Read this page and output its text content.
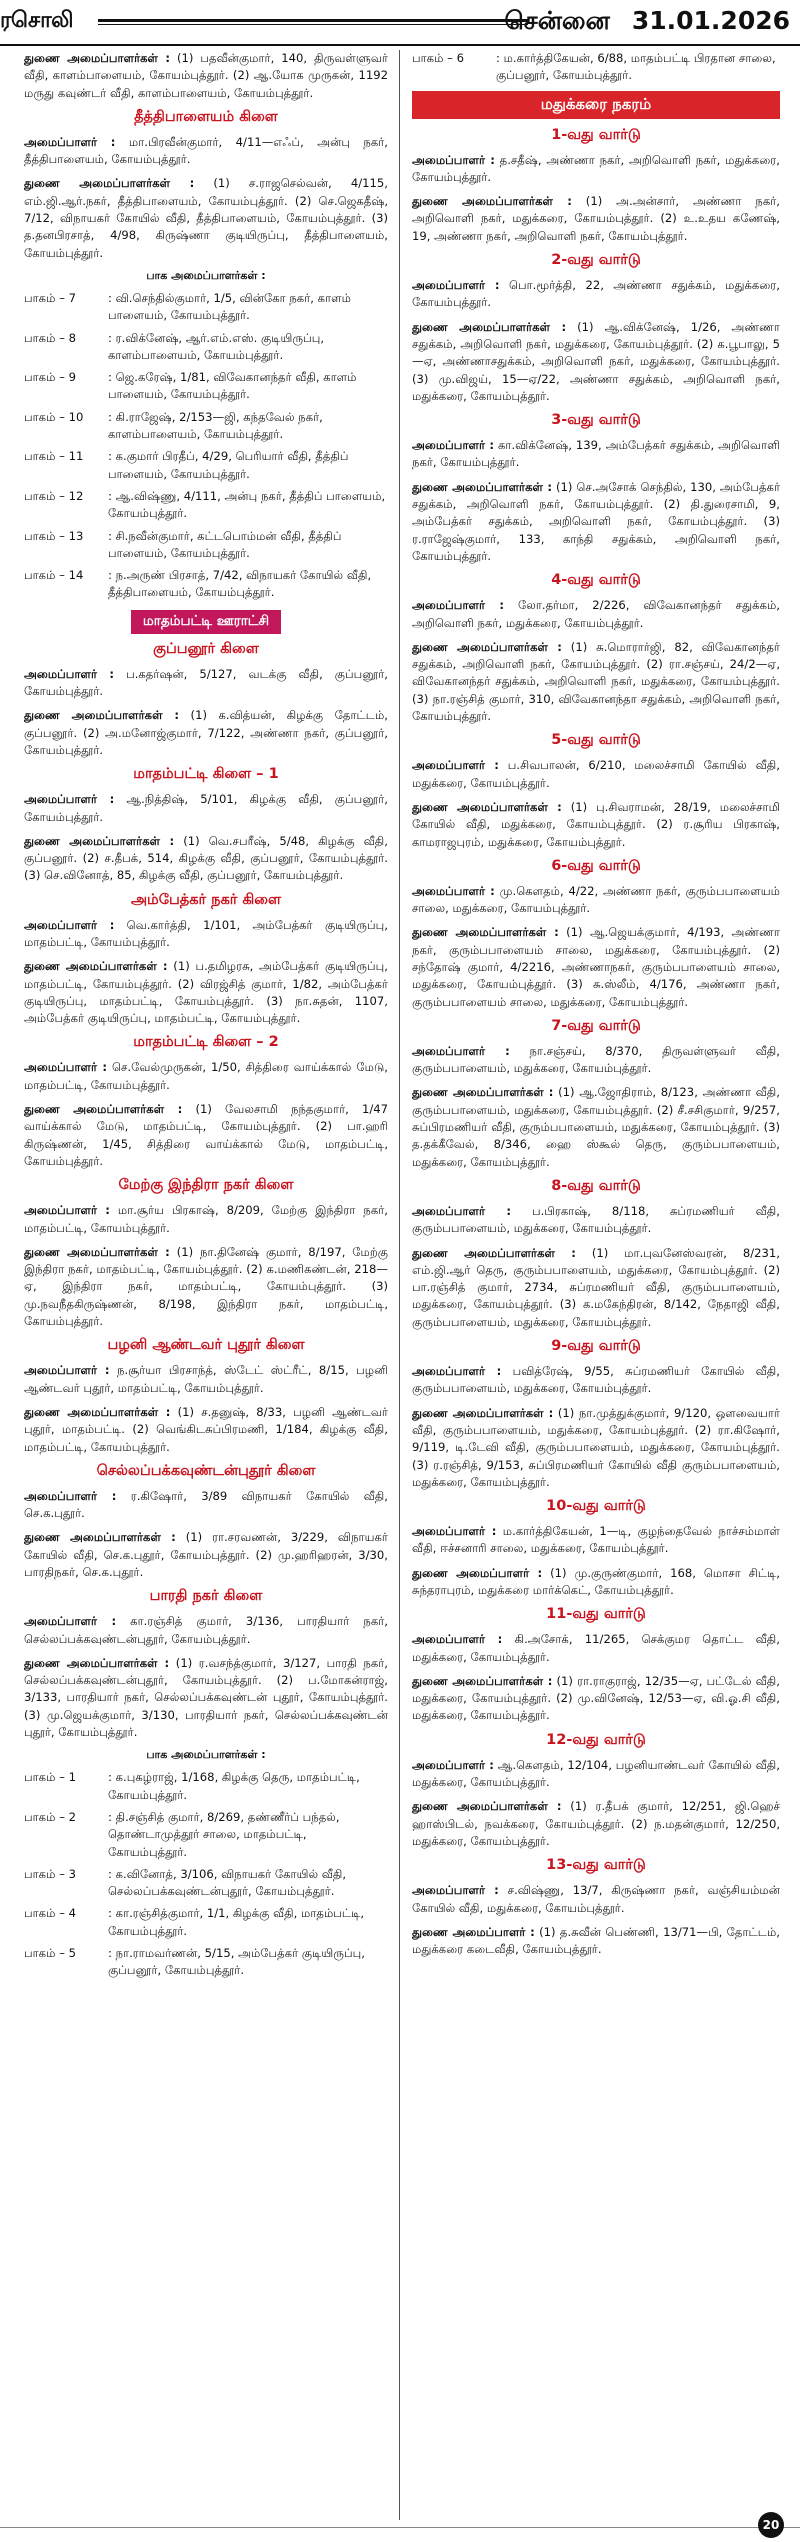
ரசொலி	சென்னை 31.01.2026

துணை அமைப்பாளர்கள் : (1) பதவீன்குமார், 140, திருவள்ளுவர் வீதி, காளம்பாளையம், கோயம்புத்தூர். (2) ஆ.யோக முருகன், 1192 மருது கவுண்டர் வீதி, காளம்பாளையம், கோயம்புத்தூர்.

தீத்திபாளையம் கிளை

அமைப்பாளர் : மா.பிரவீன்குமார், 4/11—எஃப், அன்பு நகர், தீத்திபாளையம், கோயம்புத்தூர்.

துணை அமைப்பாளர்கள் : (1) ச.ராஜசெல்வன், 4/115, எம்.ஜி.ஆர்.நகர், தீத்திபாளையம், கோயம்புத்தூர். (2) செ.ஜெகதீஷ், 7/12, விநாயகர் கோயில் வீதி, தீத்திபாளையம், கோயம்புத்தூர். (3) த.தனபிரசாத், 4/98, கிருஷ்ணா குடியிருப்பு, தீத்திபாளையம், கோயம்புத்தூர்.

பாக அமைப்பாளர்கள் :
பாகம் – 7	: வி.செந்தில்குமார், 1/5, வின்கோ நகர், காளம் பாளையம், கோயம்புத்தூர்.
பாகம் – 8	: ர.விக்னேஷ், ஆர்.எம்.எஸ். குடியிருப்பு, காளம்பாளையம், கோயம்புத்தூர்.
பாகம் – 9	: ஜெ.கரேஷ், 1/81, விவேகானந்தர் வீதி, காளம் பாளையம், கோயம்புத்தூர்.
பாகம் – 10	: கி.ராஜேஷ், 2/153—ஜி, கந்தவேல் நகர், காளம்பாளையம், கோயம்புத்தூர்.
பாகம் – 11	: க.குமார் பிரதீப், 4/29, பெரியார் வீதி, தீத்திப் பாளையம், கோயம்புத்தூர்.
பாகம் – 12	: ஆ.விஷ்ணு, 4/111, அன்பு நகர், தீத்திப் பாளையம், கோயம்புத்தூர்.
பாகம் – 13	: சி.நவீன்குமார், கட்டபொம்மன் வீதி, தீத்திப் பாளையம், கோயம்புத்தூர்.
பாகம் – 14	: ந.அருண் பிரசாத், 7/42, விநாயகர் கோயில் வீதி, தீத்திபாளையம், கோயம்புத்தூர்.
மாதம்பட்டி ஊராட்சி
குப்பனூர் கிளை

அமைப்பாளர் : ப.கதர்ஷன், 5/127, வடக்கு வீதி, குப்பனூர், கோயம்புத்தூர்.

துணை அமைப்பாளர்கள் : (1) க.வித்யன், கிழக்கு தோட்டம், குப்பனூர். (2) அ.மனோஜ்குமார், 7/122, அண்ணா நகர், குப்பனூர், கோயம்புத்தூர்.

மாதம்பட்டி கிளை – 1

அமைப்பாளர் : ஆ.நித்திஷ், 5/101, கிழக்கு வீதி, குப்பனூர், கோயம்புத்தூர்.

துணை அமைப்பாளர்கள் : (1) வெ.சபரீஷ், 5/48, கிழக்கு வீதி, குப்பனூர். (2) ச.தீபக், 514, கிழக்கு வீதி, குப்பனூர், கோயம்புத்தூர். (3) செ.வினோத், 85, கிழக்கு வீதி, குப்பனூர், கோயம்புத்தூர்.

அம்பேத்கர் நகர் கிளை

அமைப்பாளர் : வெ.கார்த்தி, 1/101, அம்பேத்கர் குடியிருப்பு, மாதம்பட்டி, கோயம்புத்தூர்.

துணை அமைப்பாளர்கள் : (1) ப.தமிழரசு, அம்பேத்கர் குடியிருப்பு, மாதம்பட்டி, கோயம்புத்தூர். (2) விரஜ்சித் குமார், 1/82, அம்பேத்கர் குடியிருப்பு, மாதம்பட்டி, கோயம்புத்தூர். (3) நா.சுதன், 1107, அம்பேத்கர் குடியிருப்பு, மாதம்பட்டி, கோயம்புத்தூர்.

மாதம்பட்டி கிளை – 2

அமைப்பாளர் : செ.வேல்முருகன், 1/50, சித்திரை வாய்க்கால் மேடு, மாதம்பட்டி, கோயம்புத்தூர்.

துணை அமைப்பாளர்கள் : (1) வேலசாமி நந்தகுமார், 1/47 வாய்க்கால் மேடு, மாதம்பட்டி, கோயம்புத்தூர். (2) பா.ஹரி கிருஷ்ணன், 1/45, சித்திரை வாய்க்கால் மேடு, மாதம்பட்டி, கோயம்புத்தூர்.

மேற்கு இந்திரா நகர் கிளை

அமைப்பாளர் : மா.சூர்ய பிரகாஷ், 8/209, மேற்கு இந்திரா நகர், மாதம்பட்டி, கோயம்புத்தூர்.

துணை அமைப்பாளர்கள் : (1) நா.தினேஷ் குமார், 8/197, மேற்கு இந்திரா நகர், மாதம்பட்டி, கோயம்புத்தூர். (2) க.மணிகண்டன், 218—ஏ, இந்திரா நகர், மாதம்பட்டி, கோயம்புத்தூர். (3) மு.நவநீதகிருஷ்ணன், 8/198, இந்திரா நகர், மாதம்பட்டி, கோயம்புத்தூர்.

பழனி ஆண்டவர் புதூர் கிளை

அமைப்பாளர் : ந.சூர்யா பிரசாந்த், ஸ்டேட் ஸ்ட்ரீட், 8/15, பழனி ஆண்டவர் புதூர், மாதம்பட்டி, கோயம்புத்தூர்.

துணை அமைப்பாளர்கள் : (1) ச.தனுஷ், 8/33, பழனி ஆண்டவர் புதூர், மாதம்பட்டி. (2) வெங்கிடசுப்பிரமணி, 1/184, கிழக்கு வீதி, மாதம்பட்டி, கோயம்புத்தூர்.

செல்லப்பக்கவுண்டன்புதூர் கிளை

அமைப்பாளர் : ர.கிஷோர், 3/89 விநாயகர் கோயில் வீதி, செ.க.புதூர்.

துணை அமைப்பாளர்கள் : (1) ரா.சரவணன், 3/229, விநாயகர் கோயில் வீதி, செ.க.புதூர், கோயம்புத்தூர். (2) மு.ஹரிஹரன், 3/30, பாரதிநகர், செ.க.புதூர்.

பாரதி நகர் கிளை

அமைப்பாளர் : கா.ரஞ்சித் குமார், 3/136, பாரதியார் நகர், செல்லப்பக்கவுண்டன்புதூர், கோயம்புத்தூர்.

துணை அமைப்பாளர்கள் : (1) ர.வசந்த்குமார், 3/127, பாரதி நகர், செல்லப்பக்கவுண்டன்புதூர், கோயம்புத்தூர். (2) ப.மோகன்ராஜ், 3/133, பாரதியார் நகர், செல்லப்பக்கவுண்டன் புதூர், கோயம்புத்தூர். (3) மு.ஜெயக்குமார், 3/130, பாரதியார் நகர், செல்லப்பக்கவுண்டன் புதூர், கோயம்புத்தூர்.

பாக அமைப்பாளர்கள் :
பாகம் – 1	: க.புகழ்ராஜ், 1/168, கிழக்கு தெரு, மாதம்பட்டி, கோயம்புத்தூர்.
பாகம் – 2	: தி.சஞ்சித் குமார், 8/269, தண்ணீர்ப் பந்தல், தொண்டாமுத்தூர் சாலை, மாதம்பட்டி, கோயம்புத்தூர்.
பாகம் – 3	: க.வினோத், 3/106, விநாயகர் கோயில் வீதி, செல்லப்பக்கவுண்டன்புதூர், கோயம்புத்தூர்.
பாகம் – 4	: கா.ரஞ்சித்குமார், 1/1, கிழக்கு வீதி, மாதம்பட்டி, கோயம்புத்தூர்.
பாகம் – 5	: நா.ராமவர்ணன், 5/15, அம்பேத்கர் குடியிருப்பு, குப்பனூர், கோயம்புத்தூர்.
பாகம் – 6	: ம.கார்த்திகேயன், 6/88, மாதம்பட்டி பிரதான சாலை, குப்பனூர், கோயம்புத்தூர்.
மதுக்கரை நகரம்
1-வது வார்டு

அமைப்பாளர் : த.சதீஷ், அண்ணா நகர், அறிவொளி நகர், மதுக்கரை, கோயம்புத்தூர்.

துணை அமைப்பாளர்கள் : (1) அ.அன்சார், அண்ணா நகர், அறிவொளி நகர், மதுக்கரை, கோயம்புத்தூர். (2) உ.உதய கணேஷ், 19, அண்ணா நகர், அறிவொளி நகர், கோயம்புத்தூர்.

2-வது வார்டு

அமைப்பாளர் : பொ.மூர்த்தி, 22, அண்ணா சதுக்கம், மதுக்கரை, கோயம்புத்தூர்.

துணை அமைப்பாளர்கள் : (1) ஆ.விக்னேஷ், 1/26, அண்ணா சதுக்கம், அறிவொளி நகர், மதுக்கரை, கோயம்புத்தூர். (2) க.பூபாலு, 5—ஏ, அண்ணாசதுக்கம், அறிவொளி நகர், மதுக்கரை, கோயம்புத்தூர். (3) மு.விஜய், 15—ஏ/22, அண்ணா சதுக்கம், அறிவொளி நகர், மதுக்கரை, கோயம்புத்தூர்.

3-வது வார்டு

அமைப்பாளர் : கா.விக்னேஷ், 139, அம்பேத்கர் சதுக்கம், அறிவொளி நகர், கோயம்புத்தூர்.

துணை அமைப்பாளர்கள் : (1) செ.அசோக் செந்தில், 130, அம்பேத்கர் சதுக்கம், அறிவொளி நகர், கோயம்புத்தூர். (2) தி.துரைசாமி, 9, அம்பேத்கர் சதுக்கம், அறிவொளி நகர், கோயம்புத்தூர். (3) ர.ராஜேஷ்குமார், 133, காந்தி சதுக்கம், அறிவொளி நகர், கோயம்புத்தூர்.

4-வது வார்டு

அமைப்பாளர் : லோ.தர்மா, 2/226, விவேகானந்தர் சதுக்கம், அறிவொளி நகர், மதுக்கரை, கோயம்புத்தூர்.

துணை அமைப்பாளர்கள் : (1) சு.மொரார்ஜி, 82, விவேகானந்தர் சதுக்கம், அறிவொளி நகர், கோயம்புத்தூர். (2) ரா.சஞ்சய், 24/2—ஏ, விவேகானந்தர் சதுக்கம், அறிவொளி நகர், மதுக்கரை, கோயம்புத்தூர். (3) நா.ரஞ்சித் குமார், 310, விவேகானந்தா சதுக்கம், அறிவொளி நகர், கோயம்புத்தூர்.

5-வது வார்டு

அமைப்பாளர் : ப.சிவபாலன், 6/210, மலைச்சாமி கோயில் வீதி, மதுக்கரை, கோயம்புத்தூர்.

துணை அமைப்பாளர்கள் : (1) பு.சிவராமன், 28/19, மலைச்சாமி கோயில் வீதி, மதுக்கரை, கோயம்புத்தூர். (2) ர.சூரிய பிரகாஷ், காமராஜபுரம், மதுக்கரை, கோயம்புத்தூர்.

6-வது வார்டு

அமைப்பாளர் : மு.கௌதம், 4/22, அண்ணா நகர், குரும்பபாளையம் சாலை, மதுக்கரை, கோயம்புத்தூர்.

துணை அமைப்பாளர்கள் : (1) ஆ.ஜெயக்குமார், 4/193, அண்ணா நகர், குரும்பபாளையம் சாலை, மதுக்கரை, கோயம்புத்தூர். (2) சந்தோஷ் குமார், 4/2216, அண்ணாநகர், குரும்பபாளையம் சாலை, மதுக்கரை, கோயம்புத்தூர். (3) சு.ஸ்லீம், 4/176, அண்ணா நகர், குரும்பபாளையம் சாலை, மதுக்கரை, கோயம்புத்தூர்.

7-வது வார்டு

அமைப்பாளர் : நா.சஞ்சய், 8/370, திருவள்ளுவர் வீதி, குரும்பபாளையம், மதுக்கரை, கோயம்புத்தூர்.

துணை அமைப்பாளர்கள் : (1) ஆ.ஜோதிராம், 8/123, அண்ணா வீதி, குரும்பபாளையம், மதுக்கரை, கோயம்புத்தூர். (2) சீ.சசிகுமார், 9/257, சுப்பிரமணியர் வீதி, குரும்பபாளையம், மதுக்கரை, கோயம்புத்தூர். (3) த.தக்கீவேல், 8/346, ஹை ஸ்கூல் தெரு, குரும்பபாளையம், மதுக்கரை, கோயம்புத்தூர்.

8-வது வார்டு

அமைப்பாளர் : ப.பிரகாஷ், 8/118, சுப்ரமணியர் வீதி, குரும்பபாளையம், மதுக்கரை, கோயம்புத்தூர்.

துணை அமைப்பாளர்கள் : (1) மா.புவனேஸ்வரன், 8/231, எம்.ஜி.ஆர் தெரு, குரும்பபாளையம், மதுக்கரை, கோயம்புத்தூர். (2) பா.ரஞ்சித் குமார், 2734, சுப்ரமணியர் வீதி, குரும்பபாளையம், மதுக்கரை, கோயம்புத்தூர். (3) க.மகேந்திரன், 8/142, நேதாஜி வீதி, குரும்பபாளையம், மதுக்கரை, கோயம்புத்தூர்.

9-வது வார்டு

அமைப்பாளர் : பவித்ரேஷ், 9/55, சுப்ரமணியர் கோயில் வீதி, குரும்பபாளையம், மதுக்கரை, கோயம்புத்தூர்.

துணை அமைப்பாளர்கள் : (1) நா.முத்துக்குமார், 9/120, ஒளவையார் வீதி, குரும்பபாளையம், மதுக்கரை, கோயம்புத்தூர். (2) ரா.கிஷோர், 9/119, டி.டேவி வீதி, குரும்பபாளையம், மதுக்கரை, கோயம்புத்தூர். (3) ர.ரஞ்சித், 9/153, சுப்பிரமணியர் கோயில் வீதி குரும்பபாளையம், மதுக்கரை, கோயம்புத்தூர்.

10-வது வார்டு

அமைப்பாளர் : ம.கார்த்திகேயன், 1—டி, குழந்தைவேல் நாச்சம்மாள் வீதி, ஈச்சனாரி சாலை, மதுக்கரை, கோயம்புத்தூர்.

துணை அமைப்பாளர் : (1) மு.குருண்குமார், 168, மொசா சிட்டி, சுந்தராபுரம், மதுக்கரை மார்க்கெட், கோயம்புத்தூர்.

11-வது வார்டு

அமைப்பாளர் : கி.அசோக், 11/265, செக்குமர தொட்ட வீதி, மதுக்கரை, கோயம்புத்தூர்.

துணை அமைப்பாளர்கள் : (1) ரா.ராகுராஜ், 12/35—ஏ, பட்டேல் வீதி, மதுக்கரை, கோயம்புத்தூர். (2) மு.வினேஷ், 12/53—ஏ, வி.ஓ.சி வீதி, மதுக்கரை, கோயம்புத்தூர்.

12-வது வார்டு

அமைப்பாளர் : ஆ.கௌதம், 12/104, பழனியாண்டவர் கோயில் வீதி, மதுக்கரை, கோயம்புத்தூர்.

துணை அமைப்பாளர்கள் : (1) ர.தீபக் குமார், 12/251, ஜி.ஹெச் ஹாஸ்பிடல், நவக்கரை, கோயம்புத்தூர். (2) ந.மதன்குமார், 12/250, மதுக்கரை, கோயம்புத்தூர்.

13-வது வார்டு

அமைப்பாளர் : ச.விஷ்ணு, 13/7, கிருஷ்ணா நகர், வஞ்சியம்மன் கோயில் வீதி, மதுக்கரை, கோயம்புத்தூர்.

துணை அமைப்பாளர் : (1) த.சுவீன் பெண்ணி, 13/71—பி, தோட்டம், மதுக்கரை கடைவீதி, கோயம்புத்தூர்.

20
